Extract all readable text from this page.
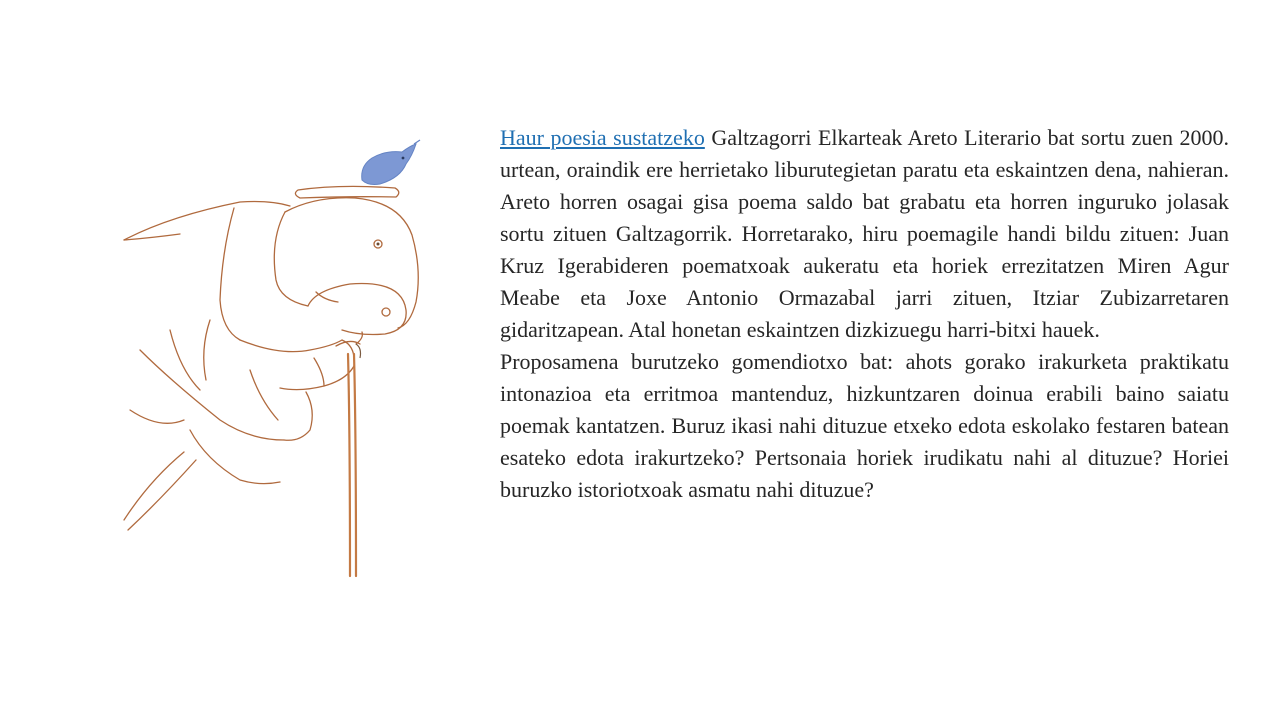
Haur poesia sustatzeko Galtzagorri Elkarteak Areto Literario bat sortu zuen 2000. urtean, oraindik ere herrietako liburutegietan paratu eta eskaintzen dena, nahieran. Areto horren osagai gisa poema saldo bat grabatu eta horren inguruko jolasak sortu zituen Galtzagorrik. Horretarako, hiru poemagile handi bildu zituen: Juan Kruz Igerabideren poematxoak aukeratu eta horiek errezitatzen Miren Agur Meabe eta Joxe Antonio Ormazabal jarri zituen, Itziar Zubizarretaren gidaritzapean. Atal honetan eskaintzen dizkizuegu harri-bitxi hauek.

Proposamena burutzeko gomendiotxo bat: ahots gorako irakurketa praktikatu intonazioa eta erritmoa mantenduz, hizkuntzaren doinua erabili baino saiatu poemak kantatzen. Buruz ikasi nahi dituzue etxeko edota eskolako festaren batean esateko edota irakurtzeko? Pertsonaia horiek irudikatu nahi al dituzue? Horiei buruzko istoriotxoak asmatu nahi dituzue?
